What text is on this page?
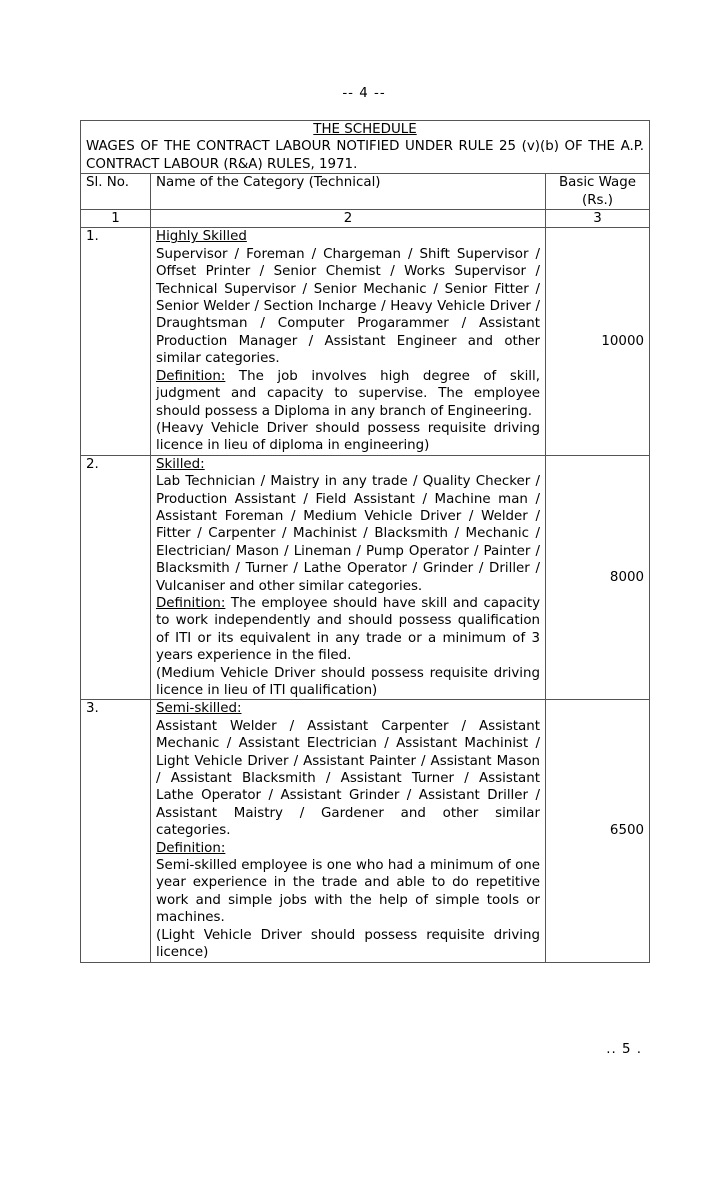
-- 4 --
THE SCHEDULE
WAGES OF THE CONTRACT LABOUR NOTIFIED UNDER RULE 25 (v)(b) OF THE A.P. CONTRACT LABOUR (R&A) RULES, 1971.		

Sl. No.	Name of the Category (Technical)	Basic Wage
(Rs.)

1	2	3
1.	Highly Skilled
Supervisor / Foreman / Chargeman / Shift Supervisor / Offset Printer / Senior Chemist / Works Supervisor / Technical Supervisor / Senior Mechanic / Senior Fitter / Senior Welder / Section Incharge / Heavy Vehicle Driver / Draughtsman / Computer Progarammer / Assistant Production Manager / Assistant Engineer and other similar categories.
Definition: The job involves high degree of skill, judgment and capacity to supervise. The employee should possess a Diploma in any branch of Engineering.
(Heavy Vehicle Driver should possess requisite driving licence in lieu of diploma in engineering)	10000
2.	Skilled:
Lab Technician / Maistry in any trade / Quality Checker / Production Assistant / Field Assistant / Machine man / Assistant Foreman / Medium Vehicle Driver / Welder / Fitter / Carpenter / Machinist / Blacksmith / Mechanic / Electrician/ Mason / Lineman / Pump Operator / Painter / Blacksmith / Turner / Lathe Operator / Grinder / Driller / Vulcaniser and other similar categories.
Definition: The employee should have skill and capacity to work independently and should possess qualification of ITI or its equivalent in any trade or a minimum of 3 years experience in the filed.
(Medium Vehicle Driver should possess requisite driving licence in lieu of ITI qualification)	8000
3.	Semi-skilled:
Assistant Welder / Assistant Carpenter / Assistant Mechanic / Assistant Electrician / Assistant Machinist / Light Vehicle Driver / Assistant Painter / Assistant Mason / Assistant Blacksmith / Assistant Turner / Assistant Lathe Operator / Assistant Grinder / Assistant Driller / Assistant Maistry / Gardener and other similar categories.
Definition:
Semi-skilled employee is one who had a minimum of one year experience in the trade and able to do repetitive work and simple jobs with the help of simple tools or machines.
(Light Vehicle Driver should possess requisite driving licence)	6500
.. 5 .
